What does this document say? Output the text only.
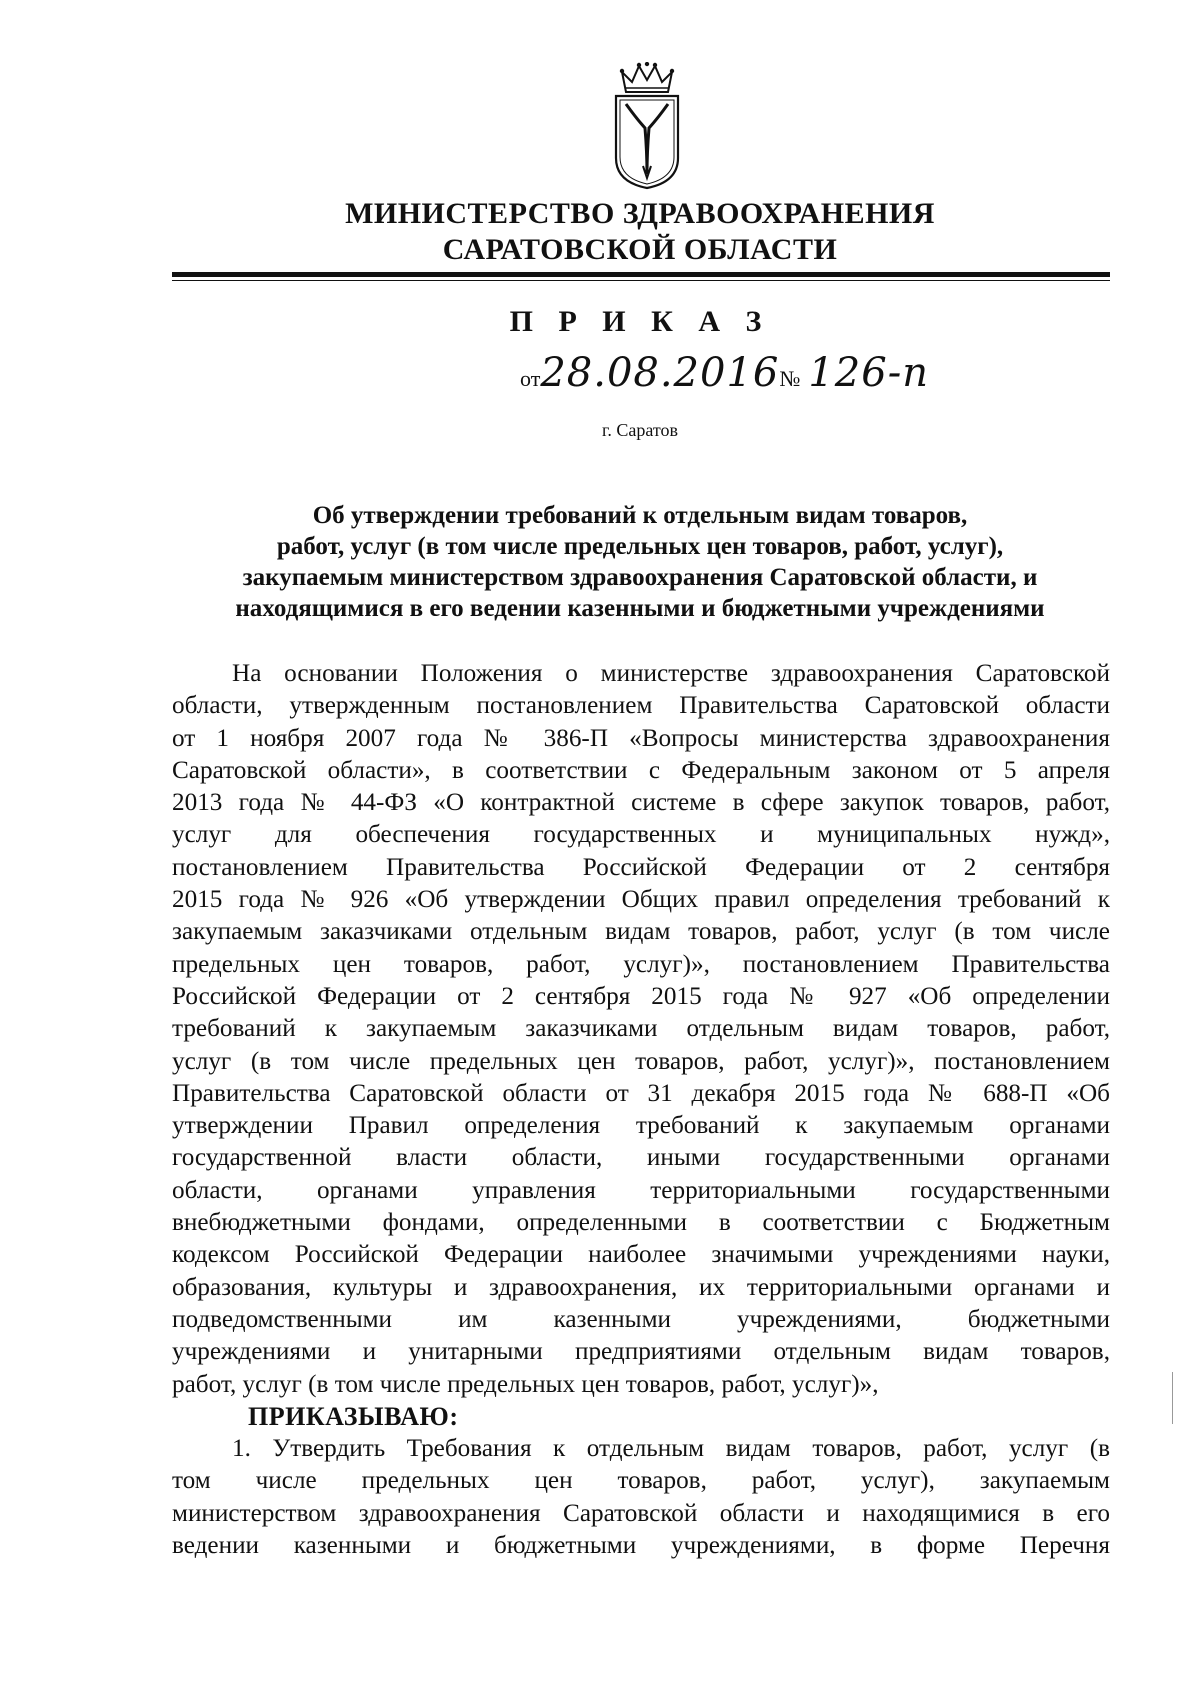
МИНИСТЕРСТВО ЗДРАВООХРАНЕНИЯ
САРАТОВСКОЙ ОБЛАСТИ
П Р И К А З
от28.08.2016№ 126-п
г. Саратов
Об утверждении требований к отдельным видам товаров,
работ, услуг (в том числе предельных цен товаров, работ, услуг),
закупаемым министерством здравоохранения Саратовской области, и
находящимися в его ведении казенными и бюджетными учреждениями
На основании Положения о министерстве здравоохранения Саратовской
области, утвержденным постановлением Правительства Саратовской области
от 1 ноября 2007 года № 386-П «Вопросы министерства здравоохранения
Саратовской области», в соответствии с Федеральным законом от 5 апреля
2013 года № 44-ФЗ «О контрактной системе в сфере закупок товаров, работ,
услуг для обеспечения государственных и муниципальных нужд»,
постановлением Правительства Российской Федерации от 2 сентября
2015 года № 926 «Об утверждении Общих правил определения требований к
закупаемым заказчиками отдельным видам товаров, работ, услуг (в том числе
предельных цен товаров, работ, услуг)», постановлением Правительства
Российской Федерации от 2 сентября 2015 года № 927 «Об определении
требований к закупаемым заказчиками отдельным видам товаров, работ,
услуг (в том числе предельных цен товаров, работ, услуг)», постановлением
Правительства Саратовской области от 31 декабря 2015 года № 688-П «Об
утверждении Правил определения требований к закупаемым органами
государственной власти области, иными государственными органами
области, органами управления территориальными государственными
внебюджетными фондами, определенными в соответствии с Бюджетным
кодексом Российской Федерации наиболее значимыми учреждениями науки,
образования, культуры и здравоохранения, их территориальными органами и
подведомственными им казенными учреждениями, бюджетными
учреждениями и унитарными предприятиями отдельным видам товаров,
работ, услуг (в том числе предельных цен товаров, работ, услуг)»,
ПРИКАЗЫВАЮ:
1. Утвердить Требования к отдельным видам товаров, работ, услуг (в
том числе предельных цен товаров, работ, услуг), закупаемым
министерством здравоохранения Саратовской области и находящимися в его
ведении казенными и бюджетными учреждениями, в форме Перечня
